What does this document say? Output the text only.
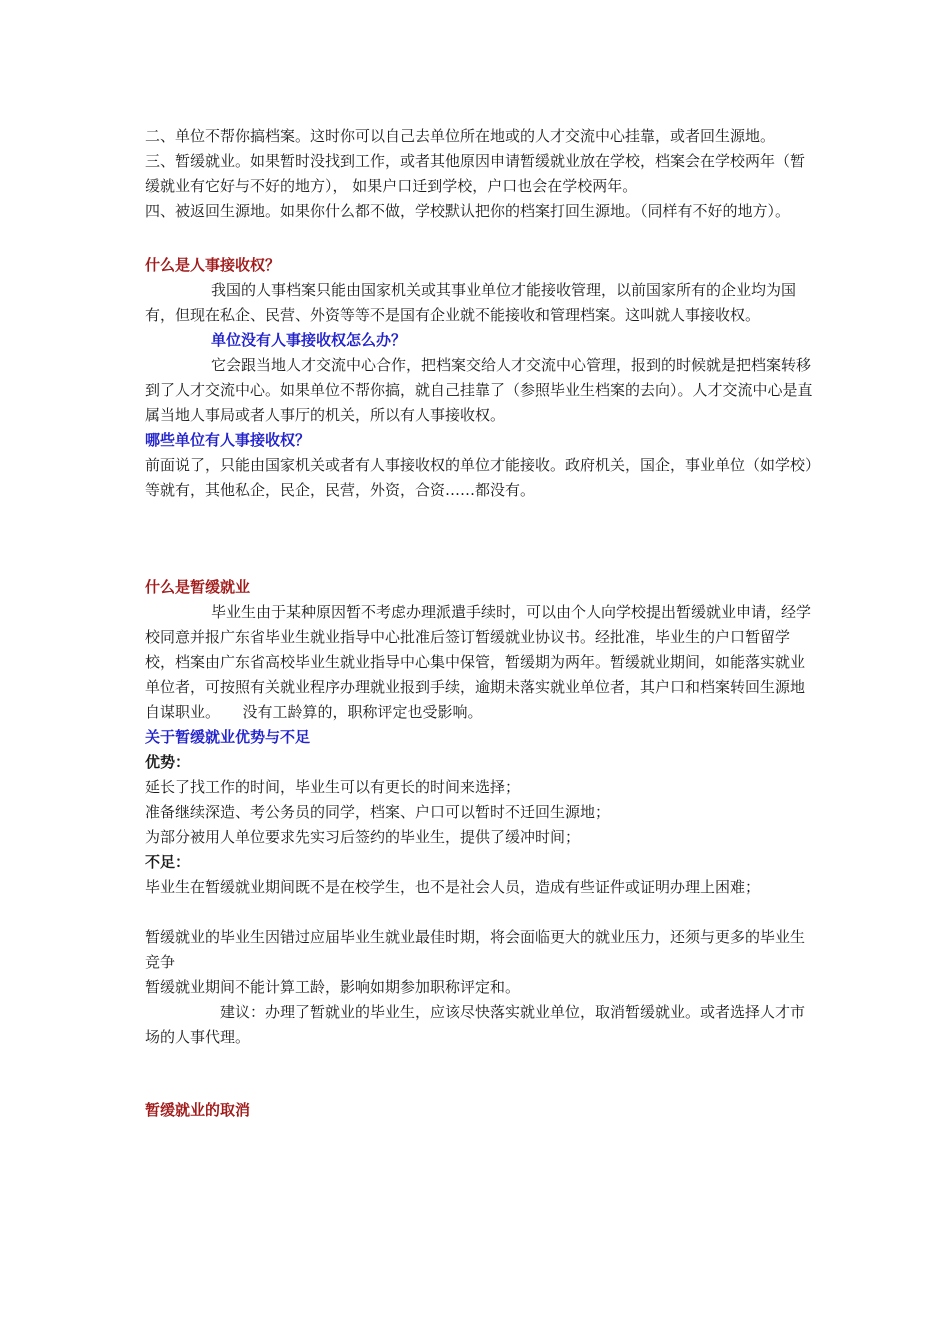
二、单位不帮你搞档案。这时你可以自己去单位所在地或的人才交流中心挂靠，或者回生源地。

三、暂缓就业。如果暂时没找到工作，或者其他原因申请暂缓就业放在学校，档案会在学校两年（暂缓就业有它好与不好的地方）， 如果户口迁到学校，户口也会在学校两年。

四、被返回生源地。如果你什么都不做，学校默认把你的档案打回生源地。（同样有不好的地方）。

什么是人事接收权？

我国的人事档案只能由国家机关或其事业单位才能接收管理，以前国家所有的企业均为国有，但现在私企、民营、外资等等不是国有企业就不能接收和管理档案。这叫就人事接收权。

单位没有人事接收权怎么办？

它会跟当地人才交流中心合作，把档案交给人才交流中心管理，报到的时候就是把档案转移到了人才交流中心。如果单位不帮你搞，就自己挂靠了（参照毕业生档案的去向）。人才交流中心是直属当地人事局或者人事厅的机关，所以有人事接收权。

哪些单位有人事接收权？

前面说了，只能由国家机关或者有人事接收权的单位才能接收。政府机关，国企，事业单位（如学校）等就有，其他私企，民企，民营，外资，合资……都没有。

什么是暂缓就业

毕业生由于某种原因暂不考虑办理派遣手续时，可以由个人向学校提出暂缓就业申请，经学校同意并报广东省毕业生就业指导中心批准后签订暂缓就业协议书。经批准，毕业生的户口暂留学校，档案由广东省高校毕业生就业指导中心集中保管，暂缓期为两年。暂缓就业期间，如能落实就业单位者，可按照有关就业程序办理就业报到手续，逾期未落实就业单位者，其户口和档案转回生源地自谋职业。　　没有工龄算的，职称评定也受影响。

关于暂缓就业优势与不足

优势：

延长了找工作的时间，毕业生可以有更长的时间来选择；

准备继续深造、考公务员的同学，档案、户口可以暂时不迁回生源地；

为部分被用人单位要求先实习后签约的毕业生，提供了缓冲时间；

不足：

毕业生在暂缓就业期间既不是在校学生，也不是社会人员，造成有些证件或证明办理上困难；

暂缓就业的毕业生因错过应届毕业生就业最佳时期，将会面临更大的就业压力，还须与更多的毕业生竞争

暂缓就业期间不能计算工龄，影响如期参加职称评定和。

建议：办理了暂就业的毕业生，应该尽快落实就业单位，取消暂缓就业。或者选择人才市场的人事代理。

暂缓就业的取消
